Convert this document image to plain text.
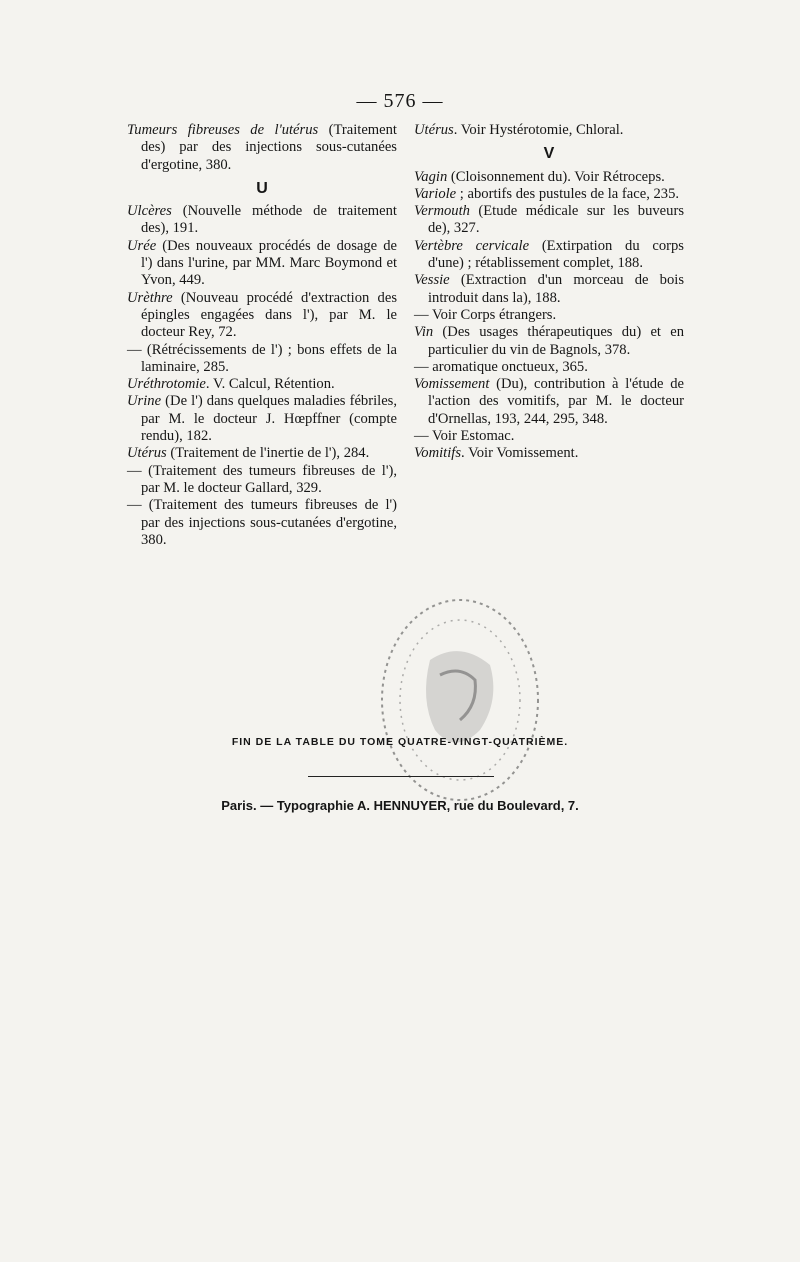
— 576 —

Tumeurs fibreuses de l'utérus (Traitement des) par des injections sous-cutanées d'ergotine, 380.

U

Ulcères (Nouvelle méthode de traitement des), 191.

Urée (Des nouveaux procédés de dosage de l') dans l'urine, par MM. Marc Boymond et Yvon, 449.

Urèthre (Nouveau procédé d'extraction des épingles engagées dans l'), par M. le docteur Rey, 72.

— (Rétrécissements de l') ; bons effets de la laminaire, 285.

Uréthrotomie. V. Calcul, Rétention.

Urine (De l') dans quelques maladies fébriles, par M. le docteur J. Hœpffner (compte rendu), 182.

Utérus (Traitement de l'inertie de l'), 284.

— (Traitement des tumeurs fibreuses de l'), par M. le docteur Gallard, 329.

— (Traitement des tumeurs fibreuses de l') par des injections sous-cutanées d'ergotine, 380.

Utérus. Voir Hystérotomie, Chloral.

V

Vagin (Cloisonnement du). Voir Rétroceps.

Variole ; abortifs des pustules de la face, 235.

Vermouth (Etude médicale sur les buveurs de), 327.

Vertèbre cervicale (Extirpation du corps d'une) ; rétablissement complet, 188.

Vessie (Extraction d'un morceau de bois introduit dans la), 188.

— Voir Corps étrangers.

Vin (Des usages thérapeutiques du) et en particulier du vin de Bagnols, 378.

— aromatique onctueux, 365.

Vomissement (Du), contribution à l'étude de l'action des vomitifs, par M. le docteur d'Ornellas, 193, 244, 295, 348.

— Voir Estomac.

Vomitifs. Voir Vomissement.

FIN DE LA TABLE DU TOME QUATRE-VINGT-QUATRIÈME.
Paris. — Typographie A. HENNUYER, rue du Boulevard, 7.
